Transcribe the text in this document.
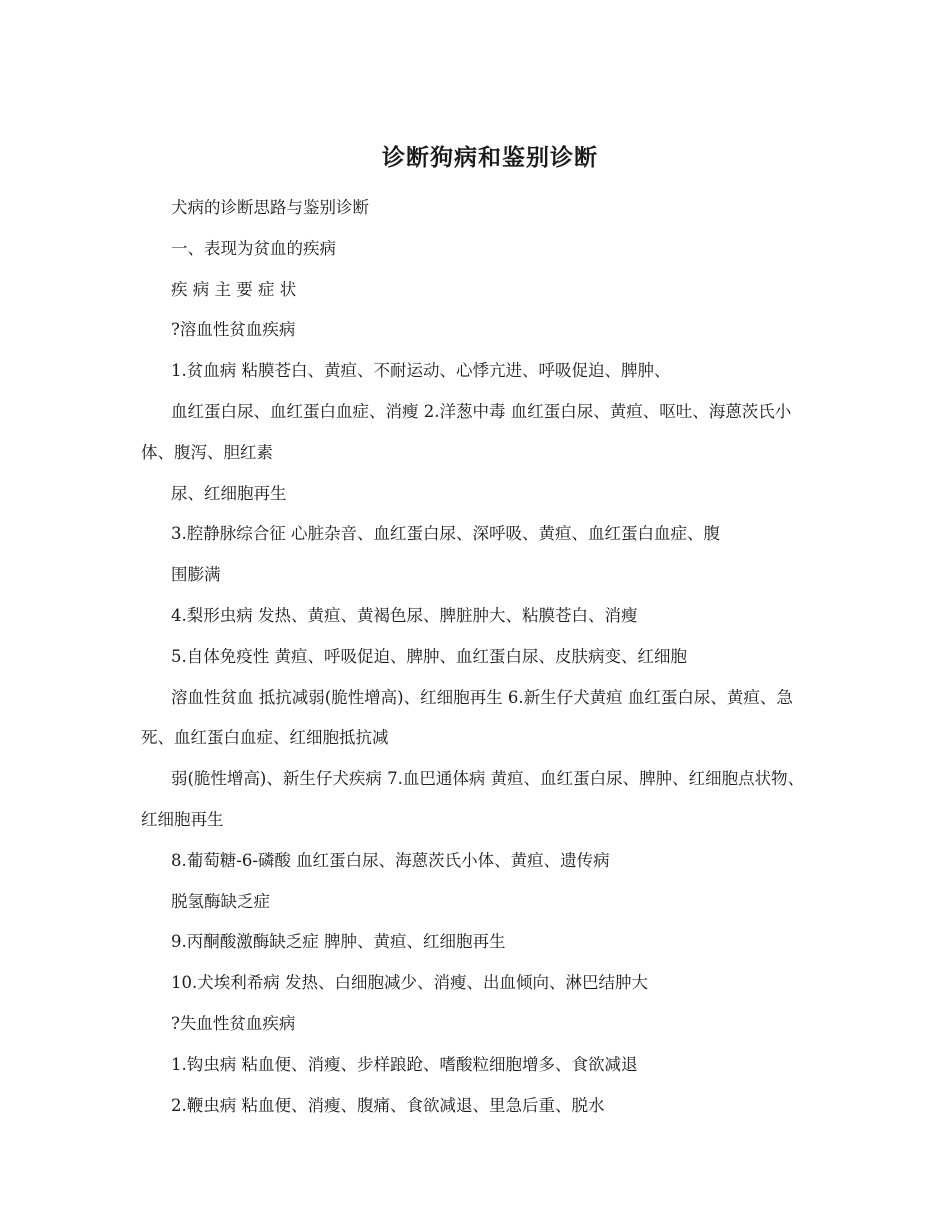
诊断狗病和鉴别诊断

犬病的诊断思路与鉴别诊断

一、表现为贫血的疾病

疾 病 主 要 症 状

?溶血性贫血疾病

1.贫血病 粘膜苍白、黄疸、不耐运动、心悸亢进、呼吸促迫、脾肿、

血红蛋白尿、血红蛋白血症、消瘦 2.洋葱中毒 血红蛋白尿、黄疸、呕吐、海蒽茨氏小体、腹泻、胆红素

尿、红细胞再生

3.腔静脉综合征 心脏杂音、血红蛋白尿、深呼吸、黄疸、血红蛋白血症、腹

围膨满

4.梨形虫病 发热、黄疸、黄褐色尿、脾脏肿大、粘膜苍白、消瘦

5.自体免疫性 黄疸、呼吸促迫、脾肿、血红蛋白尿、皮肤病变、红细胞

溶血性贫血 抵抗减弱(脆性增高)、红细胞再生 6.新生仔犬黄疸 血红蛋白尿、黄疸、急死、血红蛋白血症、红细胞抵抗减

弱(脆性增高)、新生仔犬疾病 7.血巴通体病 黄疸、血红蛋白尿、脾肿、红细胞点状物、红细胞再生

8.葡萄糖-6-磷酸 血红蛋白尿、海蒽茨氏小体、黄疸、遗传病

脱氢酶缺乏症

9.丙酮酸激酶缺乏症 脾肿、黄疸、红细胞再生

10.犬埃利希病 发热、白细胞减少、消瘦、出血倾向、淋巴结肿大

?失血性贫血疾病

1.钩虫病 粘血便、消瘦、步样踉跄、嗜酸粒细胞增多、食欲减退

2.鞭虫病 粘血便、消瘦、腹痛、食欲减退、里急后重、脱水
